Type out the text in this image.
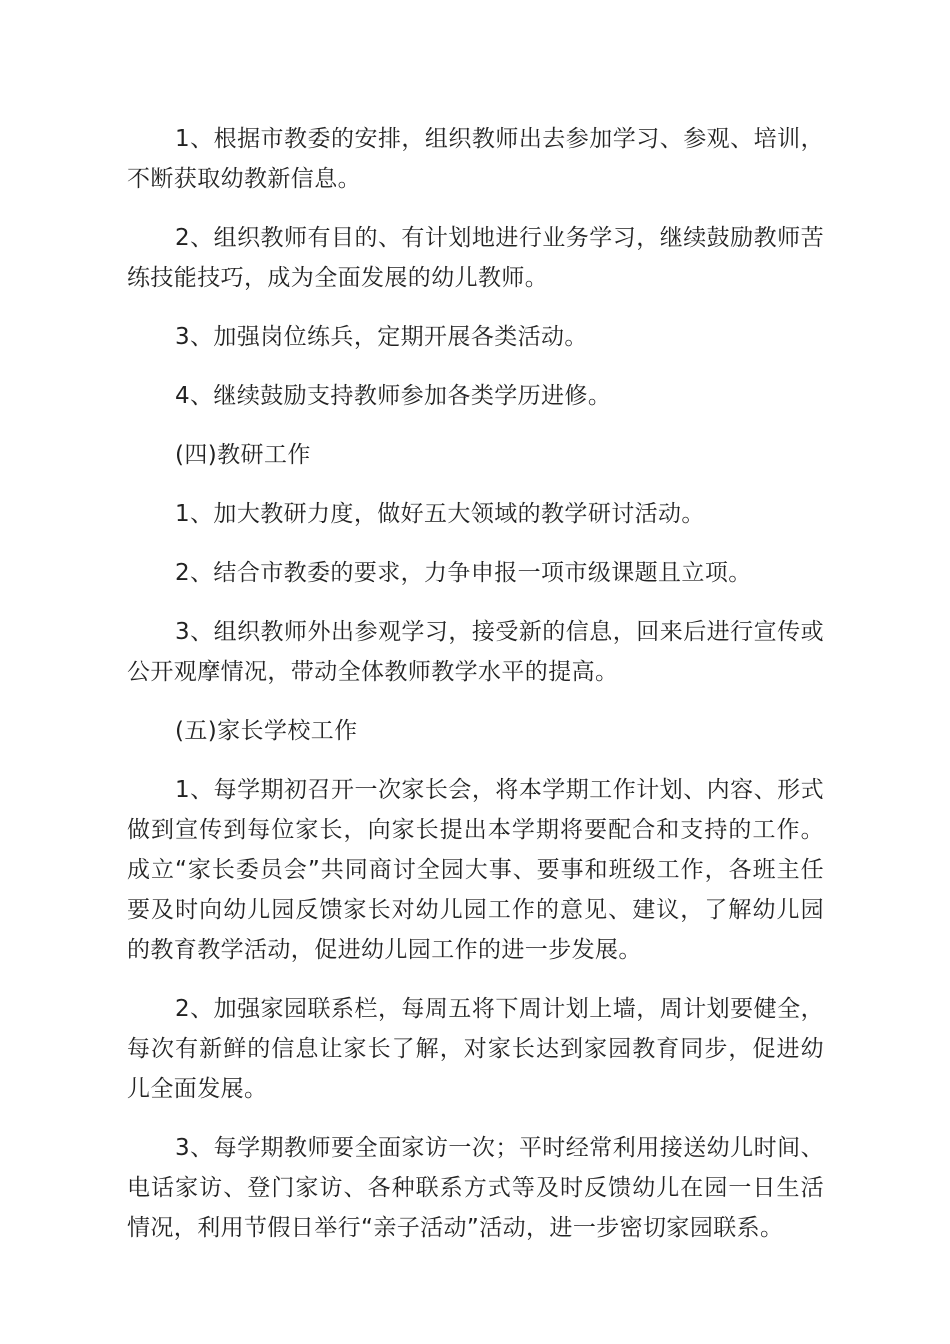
1、根据市教委的安排，组织教师出去参加学习、参观、培训，不断获取幼教新信息。

2、组织教师有目的、有计划地进行业务学习，继续鼓励教师苦练技能技巧，成为全面发展的幼儿教师。

3、加强岗位练兵，定期开展各类活动。

4、继续鼓励支持教师参加各类学历进修。

(四)教研工作

1、加大教研力度，做好五大领域的教学研讨活动。

2、结合市教委的要求，力争申报一项市级课题且立项。

3、组织教师外出参观学习，接受新的信息，回来后进行宣传或公开观摩情况，带动全体教师教学水平的提高。

(五)家长学校工作

1、每学期初召开一次家长会，将本学期工作计划、内容、形式做到宣传到每位家长，向家长提出本学期将要配合和支持的工作。成立“家长委员会”共同商讨全园大事、要事和班级工作，各班主任要及时向幼儿园反馈家长对幼儿园工作的意见、建议，了解幼儿园的教育教学活动，促进幼儿园工作的进一步发展。

2、加强家园联系栏，每周五将下周计划上墙，周计划要健全，每次有新鲜的信息让家长了解，对家长达到家园教育同步，促进幼儿全面发展。

3、每学期教师要全面家访一次；平时经常利用接送幼儿时间、电话家访、登门家访、各种联系方式等及时反馈幼儿在园一日生活情况，利用节假日举行“亲子活动”活动，进一步密切家园联系。
